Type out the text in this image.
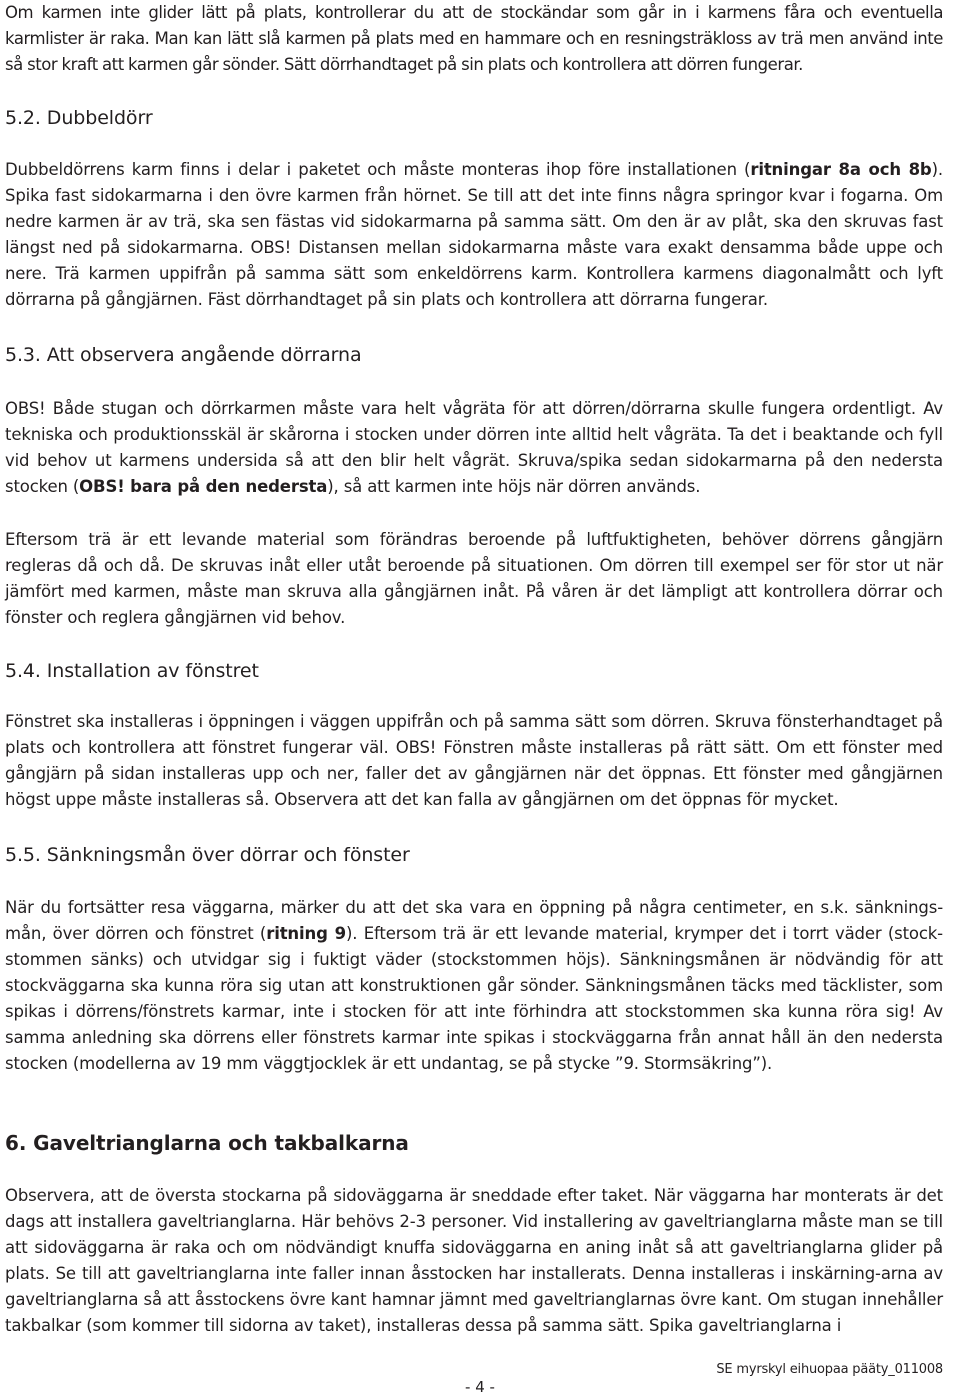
Om karmen inte glider lätt på plats, kontrollerar du att de stockändar som går in i karmens fåra och eventuella karmlister är raka. Man kan lätt slå karmen på plats med en hammare och en resningsträkloss av trä men använd inte så stor kraft att karmen går sönder. Sätt dörrhandtaget på sin plats och kontrollera att dörren fungerar.

5.2. Dubbeldörr

Dubbeldörrens karm finns i delar i paketet och måste monteras ihop före installationen (ritningar 8a och 8b). Spika fast sidokarmarna i den övre karmen från hörnet. Se till att det inte finns några springor kvar i fogarna. Om nedre karmen är av trä, ska sen fästas vid sidokarmarna på samma sätt. Om den är av plåt, ska den skruvas fast längst ned på sidokarmarna. OBS! Distansen mellan sidokarmarna måste vara exakt densamma både uppe och nere. Trä karmen uppifrån på samma sätt som enkeldörrens karm. Kontrollera karmens diagonalmått och lyft dörrarna på gångjärnen. Fäst dörrhandtaget på sin plats och kontrollera att dörrarna fungerar.

5.3. Att observera angående dörrarna

OBS! Både stugan och dörrkarmen måste vara helt vågräta för att dörren/dörrarna skulle fungera ordentligt. Av tekniska och produktionsskäl är skårorna i stocken under dörren inte alltid helt vågräta. Ta det i beaktande och fyll vid behov ut karmens undersida så att den blir helt vågrät. Skruva/spika sedan sidokarmarna på den nedersta stocken (OBS! bara på den nedersta), så att karmen inte höjs när dörren används.

Eftersom trä är ett levande material som förändras beroende på luftfuktigheten, behöver dörrens gångjärn regleras då och då. De skruvas inåt eller utåt beroende på situationen. Om dörren till exempel ser för stor ut när jämfört med karmen, måste man skruva alla gångjärnen inåt. På våren är det lämpligt att kontrollera dörrar och fönster och reglera gångjärnen vid behov.

5.4. Installation av fönstret

Fönstret ska installeras i öppningen i väggen uppifrån och på samma sätt som dörren. Skruva fönsterhandtaget på plats och kontrollera att fönstret fungerar väl. OBS! Fönstren måste installeras på rätt sätt. Om ett fönster med gångjärn på sidan installeras upp och ner, faller det av gångjärnen när det öppnas. Ett fönster med gångjärnen högst uppe måste installeras så. Observera att det kan falla av gångjärnen om det öppnas för mycket.

5.5. Sänkningsmån över dörrar och fönster

När du fortsätter resa väggarna, märker du att det ska vara en öppning på några centimeter, en s.k. sänknings-mån, över dörren och fönstret (ritning 9). Eftersom trä är ett levande material, krymper det i torrt väder (stock-stommen sänks) och utvidgar sig i fuktigt väder (stockstommen höjs). Sänkningsmånen är nödvändig för att stockväggarna ska kunna röra sig utan att konstruktionen går sönder. Sänkningsmånen täcks med täcklister, som spikas i dörrens/fönstrets karmar, inte i stocken för att inte förhindra att stockstommen ska kunna röra sig! Av samma anledning ska dörrens eller fönstrets karmar inte spikas i stockväggarna från annat håll än den nedersta stocken (modellerna av 19 mm väggtjocklek är ett undantag, se på stycke ”9. Stormsäkring”).

6. Gaveltrianglarna och takbalkarna

Observera, att de översta stockarna på sidoväggarna är sneddade efter taket. När väggarna har monterats är det dags att installera gaveltrianglarna. Här behövs 2-3 personer. Vid installering av gaveltrianglarna måste man se till att sidoväggarna är raka och om nödvändigt knuffa sidoväggarna en aning inåt så att gaveltrianglarna glider på plats. Se till att gaveltrianglarna inte faller innan åsstocken har installerats. Denna installeras i inskärning-arna av gaveltrianglarna så att åsstockens övre kant hamnar jämnt med gaveltrianglarnas övre kant. Om stugan innehåller takbalkar (som kommer till sidorna av taket), installeras dessa på samma sätt. Spika gaveltrianglarna i

SE myrskyl eihuopaa pääty_011008
- 4 -
